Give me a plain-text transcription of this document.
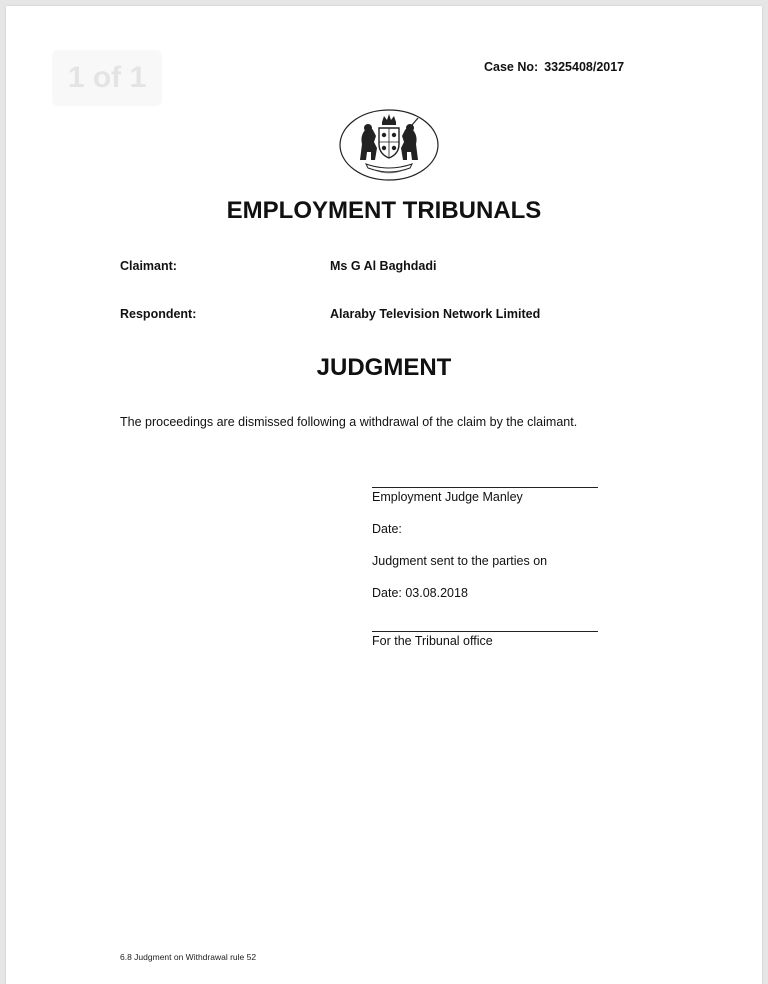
1 of 1	Case No: 3325408/2017
EMPLOYMENT TRIBUNALS
Claimant:	Ms G Al Baghdadi
Respondent:	Alaraby Television Network Limited
JUDGMENT
The proceedings are dismissed following a withdrawal of the claim by the claimant.
Employment Judge Manley
Date:
Judgment sent to the parties on
Date: 03.08.2018
For the Tribunal office
6.8 Judgment on Withdrawal rule 52
